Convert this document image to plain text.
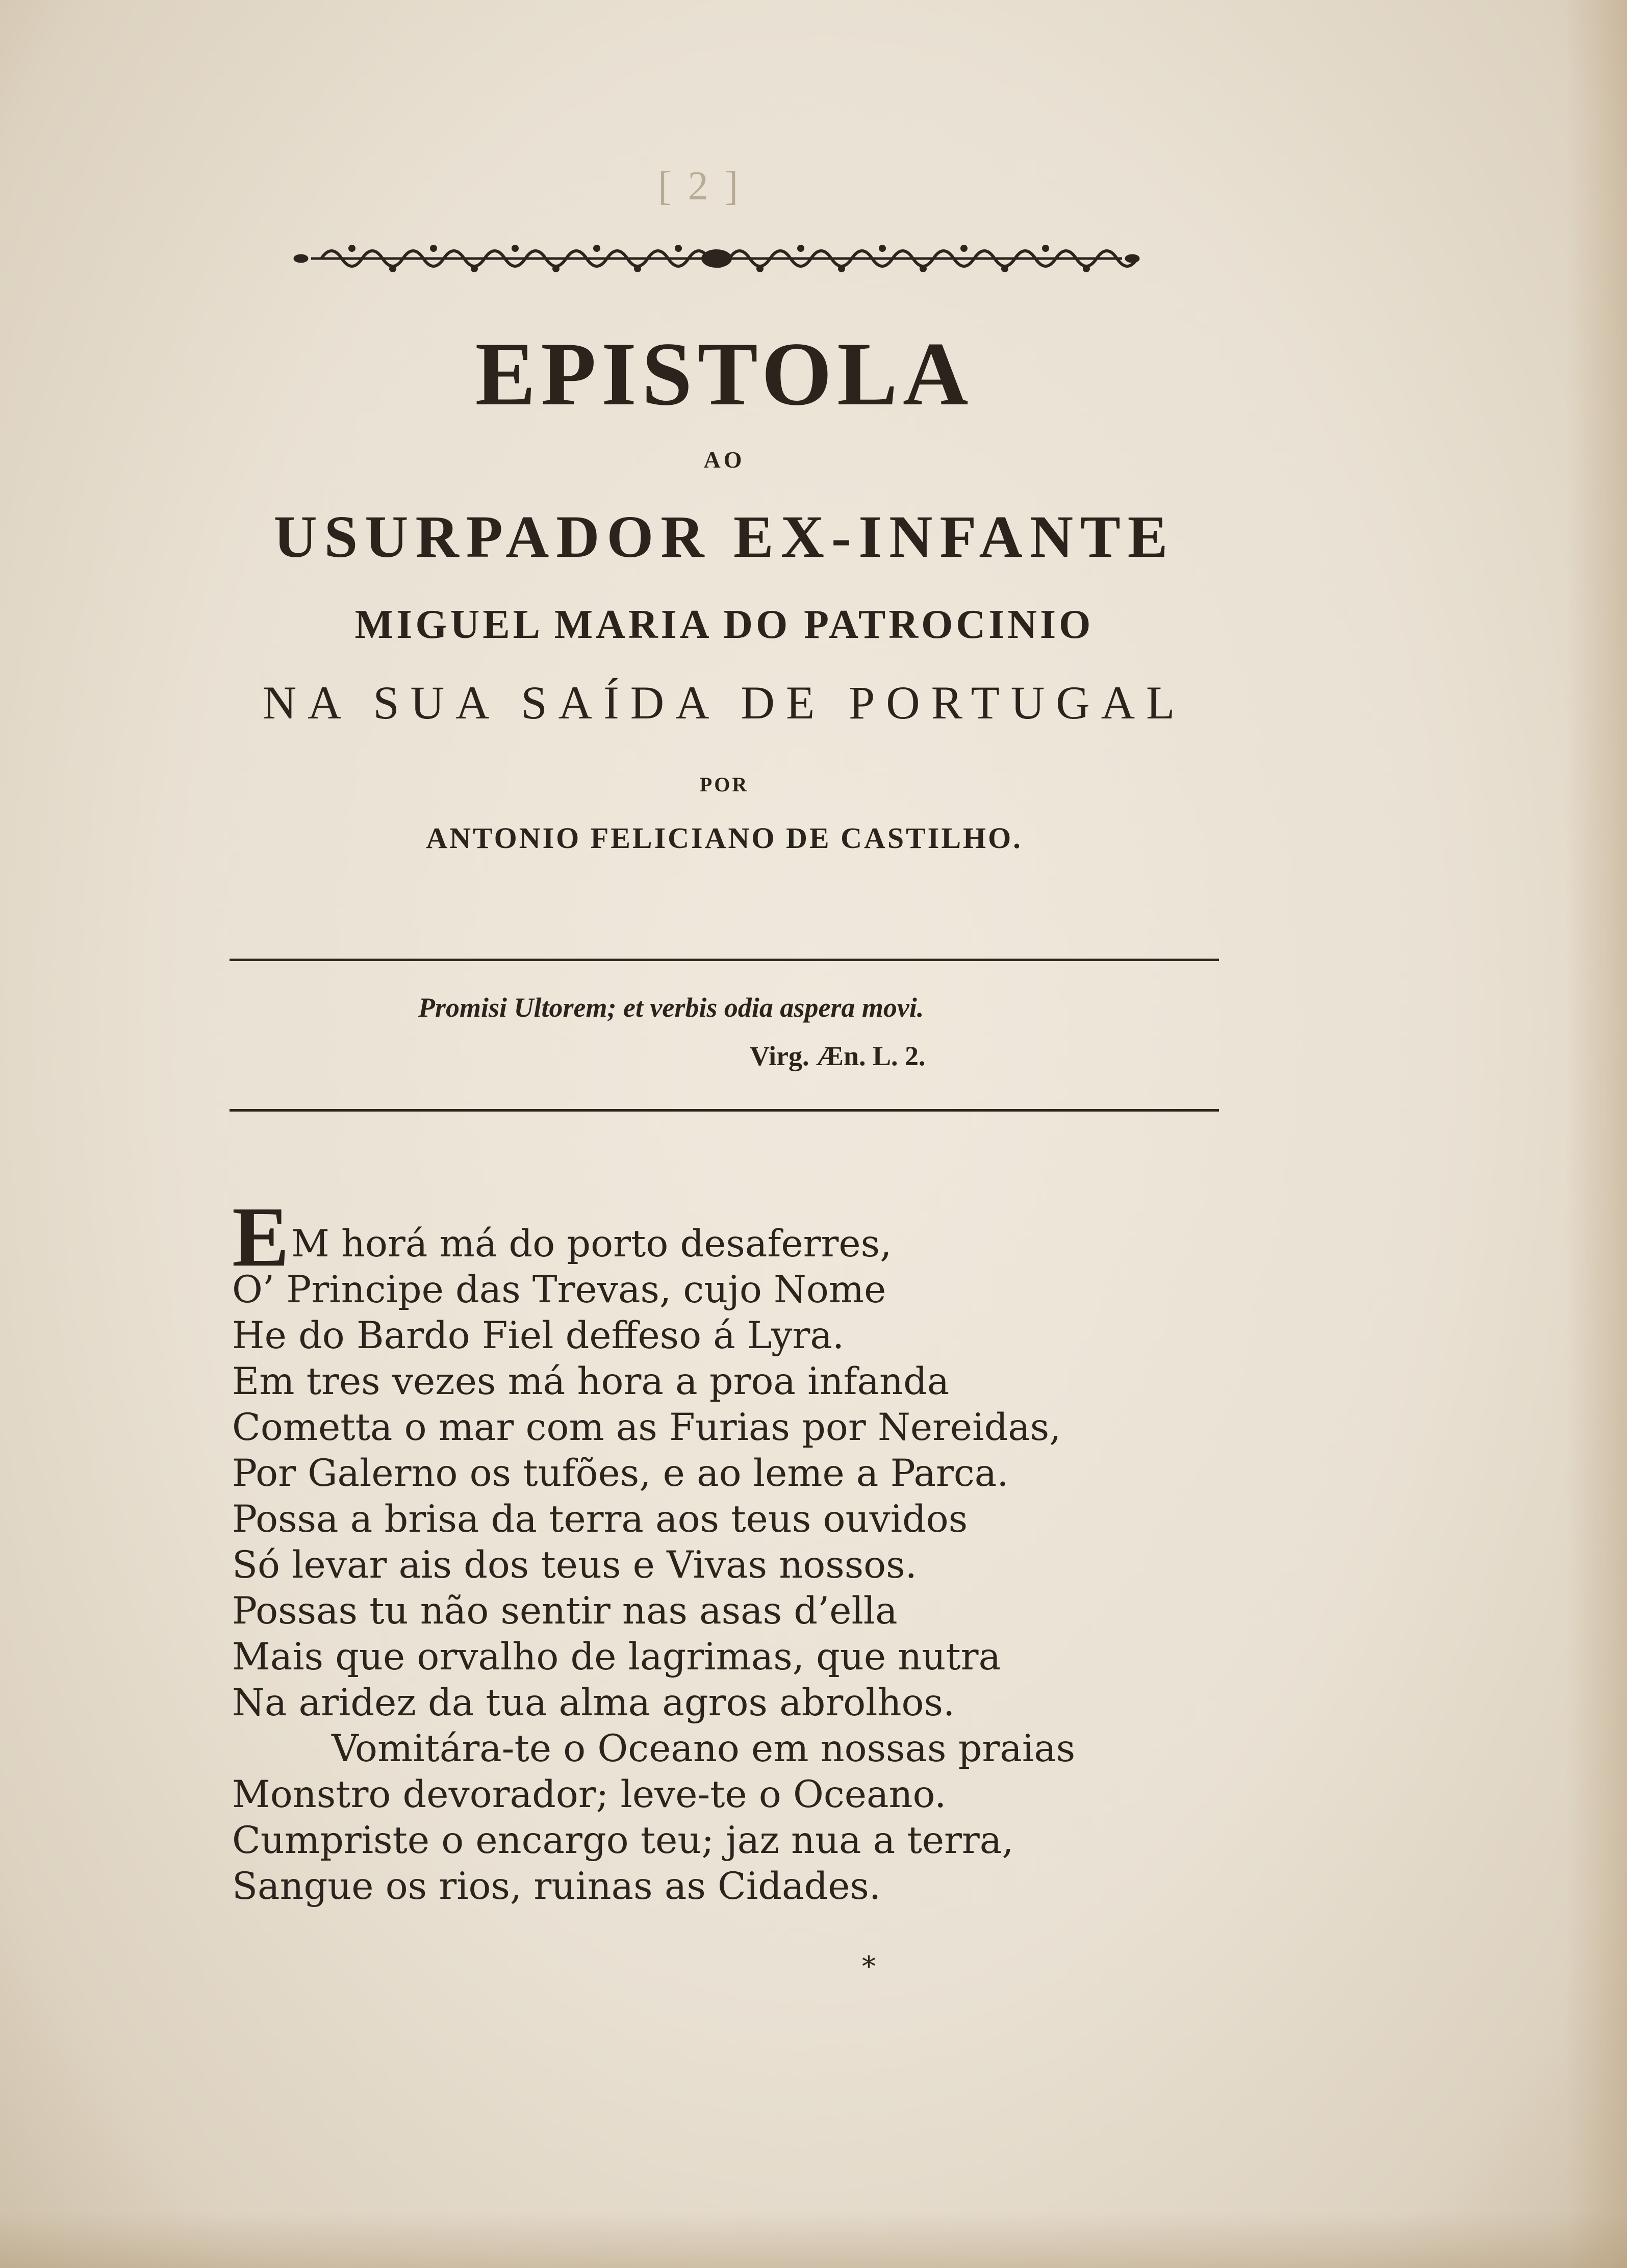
[ 2 ]
EPISTOLA
AO
USURPADOR EX-INFANTE
MIGUEL MARIA DO PATROCINIO
NA SUA SAÍDA DE PORTUGAL
POR
ANTONIO FELICIANO DE CASTILHO.
Promisi Ultorem; et verbis odia aspera movi.
Virg. Æn. L. 2.
EM horá má do porto desaferres,
O’ Principe das Trevas, cujo Nome
He do Bardo Fiel deffeso á Lyra.
Em tres vezes má hora a proa infanda
Cometta o mar com as Furias por Nereidas,
Por Galerno os tufões, e ao leme a Parca.
Possa a brisa da terra aos teus ouvidos
Só levar ais dos teus e Vivas nossos.
Possas tu não sentir nas asas d’ella
Mais que orvalho de lagrimas, que nutra
Na aridez da tua alma agros abrolhos.
Vomitára-te o Oceano em nossas praias
Monstro devorador; leve-te o Oceano.
Cumpriste o encargo teu; jaz nua a terra,
Sangue os rios, ruinas as Cidades.
*
